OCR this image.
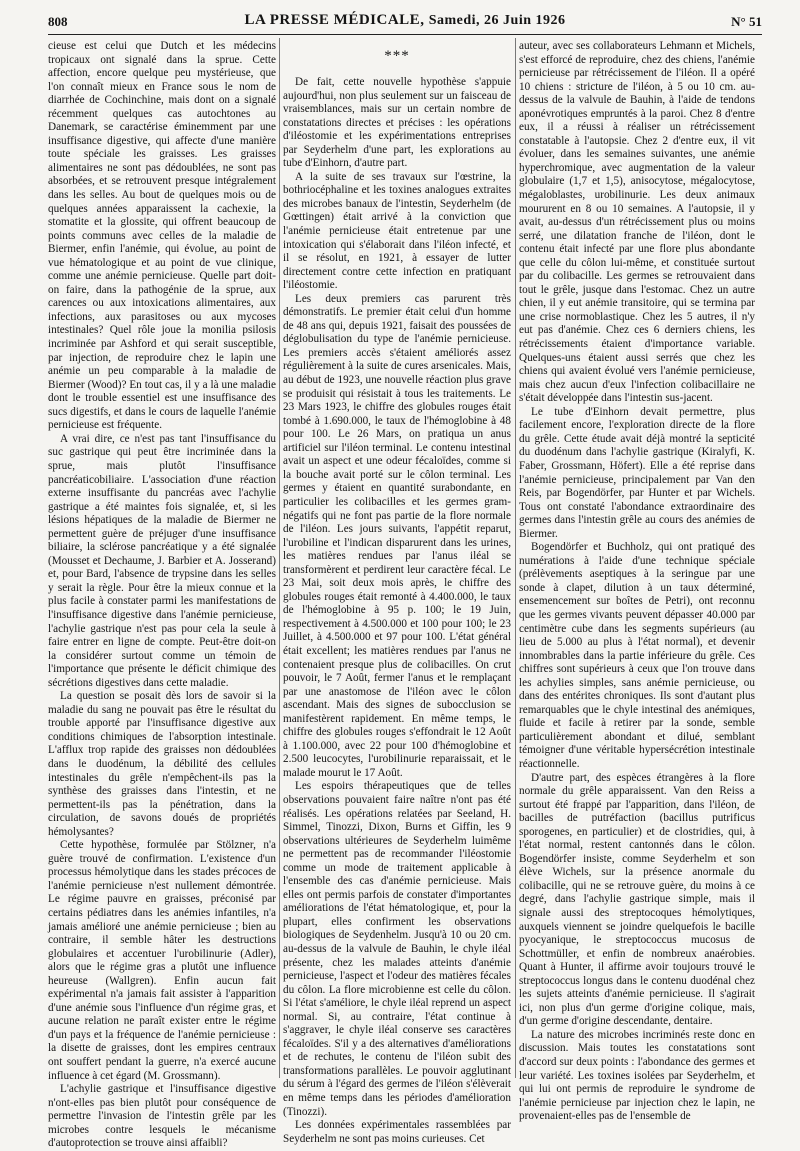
808	LA PRESSE MÉDICALE, Samedi, 26 Juin 1926	N° 51

cieuse est celui que Dutch et les médecins tropicaux ont signalé dans la sprue. Cette affection, encore quelque peu mystérieuse, que l'on connaît mieux en France sous le nom de diarrhée de Cochinchine, mais dont on a signalé récemment quelques cas autochtones au Danemark, se caractérise éminemment par une insuffisance digestive, qui affecte d'une manière toute spéciale les graisses. Les graisses alimentaires ne sont pas dédoublées, ne sont pas absorbées, et se retrouvent presque intégralement dans les selles. Au bout de quelques mois ou de quelques années apparaissent la cachexie, la stomatite et la glossite, qui offrent beaucoup de points communs avec celles de la maladie de Biermer, enfin l'anémie, qui évolue, au point de vue hématologique et au point de vue clinique, comme une anémie pernicieuse. Quelle part doit-on faire, dans la pathogénie de la sprue, aux carences ou aux intoxications alimentaires, aux infections, aux parasitoses ou aux mycoses intestinales? Quel rôle joue la monilia psilosis incriminée par Ashford et qui serait susceptible, par injection, de reproduire chez le lapin une anémie un peu comparable à la maladie de Biermer (Wood)? En tout cas, il y a là une maladie dont le trouble essentiel est une insuffisance des sucs digestifs, et dans le cours de laquelle l'anémie pernicieuse est fréquente.

A vrai dire, ce n'est pas tant l'insuffisance du suc gastrique qui peut être incriminée dans la sprue, mais plutôt l'insuffisance pancréaticobiliaire. L'association d'une réaction externe insuffisante du pancréas avec l'achylie gastrique a été maintes fois signalée, et, si les lésions hépatiques de la maladie de Biermer ne permettent guère de préjuger d'une insuffisance biliaire, la sclérose pancréatique y a été signalée (Mousset et Dechaume, J. Barbier et A. Josserand) et, pour Bard, l'absence de trypsine dans les selles y serait la règle. Pour être la mieux connue et la plus facile à constater parmi les manifestations de l'insuffisance digestive dans l'anémie pernicieuse, l'achylie gastrique n'est pas pour cela la seule à faire entrer en ligne de compte. Peut-être doit-on la considérer surtout comme un témoin de l'importance que présente le déficit chimique des sécrétions digestives dans cette maladie.

La question se posait dès lors de savoir si la maladie du sang ne pouvait pas être le résultat du trouble apporté par l'insuffisance digestive aux conditions chimiques de l'absorption intestinale. L'afflux trop rapide des graisses non dédoublées dans le duodénum, la débilité des cellules intestinales du grêle n'empêchent-ils pas la synthèse des graisses dans l'intestin, et ne permettent-ils pas la pénétration, dans la circulation, de savons doués de propriétés hémolysantes?

Cette hypothèse, formulée par Stölzner, n'a guère trouvé de confirmation. L'existence d'un processus hémolytique dans les stades précoces de l'anémie pernicieuse n'est nullement démontrée. Le régime pauvre en graisses, préconisé par certains pédiatres dans les anémies infantiles, n'a jamais amélioré une anémie pernicieuse ; bien au contraire, il semble hâter les destructions globulaires et accentuer l'urobilinurie (Adler), alors que le régime gras a plutôt une influence heureuse (Wallgren). Enfin aucun fait expérimental n'a jamais fait assister à l'apparition d'une anémie sous l'influence d'un régime gras, et aucune relation ne paraît exister entre le régime d'un pays et la fréquence de l'anémie pernicieuse : la disette de graisses, dont les empires centraux ont souffert pendant la guerre, n'a exercé aucune influence à cet égard (M. Grossmann).

L'achylie gastrique et l'insuffisance digestive n'ont-elles pas bien plutôt pour conséquence de permettre l'invasion de l'intestin grêle par les microbes contre lesquels le mécanisme d'autoprotection se trouve ainsi affaibli?

***

De fait, cette nouvelle hypothèse s'appuie aujourd'hui, non plus seulement sur un faisceau de vraisemblances, mais sur un certain nombre de constatations directes et précises : les opérations d'iléostomie et les expérimentations entreprises par Seyderhelm d'une part, les explorations au tube d'Einhorn, d'autre part.

A la suite de ses travaux sur l'œstrine, la bothriocéphaline et les toxines analogues extraites des microbes banaux de l'intestin, Seyderhelm (de Gœttingen) était arrivé à la conviction que l'anémie pernicieuse était entretenue par une intoxication qui s'élaborait dans l'iléon infecté, et il se résolut, en 1921, à essayer de lutter directement contre cette infection en pratiquant l'iléostomie.

Les deux premiers cas parurent très démonstratifs. Le premier était celui d'un homme de 48 ans qui, depuis 1921, faisait des poussées de déglobulisation du type de l'anémie pernicieuse. Les premiers accès s'étaient améliorés assez régulièrement à la suite de cures arsenicales. Mais, au début de 1923, une nouvelle réaction plus grave se produisit qui résistait à tous les traitements. Le 23 Mars 1923, le chiffre des globules rouges était tombé à 1.690.000, le taux de l'hémoglobine à 48 pour 100. Le 26 Mars, on pratiqua un anus artificiel sur l'iléon terminal. Le contenu intestinal avait un aspect et une odeur fécaloïdes, comme si la bouche avait porté sur le côlon terminal. Les germes y étaient en quantité surabondante, en particulier les colibacilles et les germes gram-négatifs qui ne font pas partie de la flore normale de l'iléon. Les jours suivants, l'appétit reparut, l'urobiline et l'indican disparurent dans les urines, les matières rendues par l'anus iléal se transformèrent et perdirent leur caractère fécal. Le 23 Mai, soit deux mois après, le chiffre des globules rouges était remonté à 4.400.000, le taux de l'hémoglobine à 95 p. 100; le 19 Juin, respectivement à 4.500.000 et 100 pour 100; le 23 Juillet, à 4.500.000 et 97 pour 100. L'état général était excellent; les matières rendues par l'anus ne contenaient presque plus de colibacilles. On crut pouvoir, le 7 Août, fermer l'anus et le remplaçant par une anastomose de l'iléon avec le côlon ascendant. Mais des signes de subocclusion se manifestèrent rapidement. En même temps, le chiffre des globules rouges s'effondrait le 12 Août à 1.100.000, avec 22 pour 100 d'hémoglobine et 2.500 leucocytes, l'urobilinurie reparaissait, et le malade mourut le 17 Août.

Les espoirs thérapeutiques que de telles observations pouvaient faire naître n'ont pas été réalisés. Les opérations relatées par Seeland, H. Simmel, Tinozzi, Dixon, Burns et Giffin, les 9 observations ultérieures de Seyderhelm luimême ne permettent pas de recommander l'iléostomie comme un mode de traitement applicable à l'ensemble des cas d'anémie pernicieuse. Mais elles ont permis parfois de constater d'importantes améliorations de l'état hématologique, et, pour la plupart, elles confirment les observations biologiques de Seydenhelm. Jusqu'à 10 ou 20 cm. au-dessus de la valvule de Bauhin, le chyle iléal présente, chez les malades atteints d'anémie pernicieuse, l'aspect et l'odeur des matières fécales du côlon. La flore microbienne est celle du côlon. Si l'état s'améliore, le chyle iléal reprend un aspect normal. Si, au contraire, l'état continue à s'aggraver, le chyle iléal conserve ses caractères fécaloïdes. S'il y a des alternatives d'améliorations et de rechutes, le contenu de l'iléon subit des transformations parallèles. Le pouvoir agglutinant du sérum à l'égard des germes de l'iléon s'élèverait en même temps dans les périodes d'amélioration (Tinozzi).

Les données expérimentales rassemblées par Seyderhelm ne sont pas moins curieuses. Cet

auteur, avec ses collaborateurs Lehmann et Michels, s'est efforcé de reproduire, chez des chiens, l'anémie pernicieuse par rétrécissement de l'iléon. Il a opéré 10 chiens : stricture de l'iléon, à 5 ou 10 cm. au-dessus de la valvule de Bauhin, à l'aide de tendons aponévrotiques empruntés à la paroi. Chez 8 d'entre eux, il a réussi à réaliser un rétrécissement constatable à l'autopsie. Chez 2 d'entre eux, il vit évoluer, dans les semaines suivantes, une anémie hyperchromique, avec augmentation de la valeur globulaire (1,7 et 1,5), anisocytose, mégalocytose, mégaloblastes, urobilinurie. Les deux animaux moururent en 8 ou 10 semaines. A l'autopsie, il y avait, au-dessus d'un rétrécissement plus ou moins serré, une dilatation franche de l'iléon, dont le contenu était infecté par une flore plus abondante que celle du côlon lui-même, et constituée surtout par du colibacille. Les germes se retrouvaient dans tout le grêle, jusque dans l'estomac. Chez un autre chien, il y eut anémie transitoire, qui se termina par une crise normoblastique. Chez les 5 autres, il n'y eut pas d'anémie. Chez ces 6 derniers chiens, les rétrécissements étaient d'importance variable. Quelques-uns étaient aussi serrés que chez les chiens qui avaient évolué vers l'anémie pernicieuse, mais chez aucun d'eux l'infection colibacillaire ne s'était développée dans l'intestin sus-jacent.

Le tube d'Einhorn devait permettre, plus facilement encore, l'exploration directe de la flore du grêle. Cette étude avait déjà montré la septicité du duodénum dans l'achylie gastrique (Kiralyfi, K. Faber, Grossmann, Höfert). Elle a été reprise dans l'anémie pernicieuse, principalement par Van den Reis, par Bogendörfer, par Hunter et par Wichels. Tous ont constaté l'abondance extraordinaire des germes dans l'intestin grêle au cours des anémies de Biermer.

Bogendörfer et Buchholz, qui ont pratiqué des numérations à l'aide d'une technique spéciale (prélèvements aseptiques à la seringue par une sonde à clapet, dilution à un taux déterminé, ensemencement sur boîtes de Petri), ont reconnu que les germes vivants peuvent dépasser 40.000 par centimètre cube dans les segments supérieurs (au lieu de 5.000 au plus à l'état normal), et devenir innombrables dans la partie inférieure du grêle. Ces chiffres sont supérieurs à ceux que l'on trouve dans les achylies simples, sans anémie pernicieuse, ou dans des entérites chroniques. Ils sont d'autant plus remarquables que le chyle intestinal des anémiques, fluide et facile à retirer par la sonde, semble particulièrement abondant et dilué, semblant témoigner d'une véritable hypersécrétion intestinale réactionnelle.

D'autre part, des espèces étrangères à la flore normale du grêle apparaissent. Van den Reiss a surtout été frappé par l'apparition, dans l'iléon, de bacilles de putréfaction (bacillus putrificus sporogenes, en particulier) et de clostridies, qui, à l'état normal, restent cantonnés dans le côlon. Bogendörfer insiste, comme Seyderhelm et son élève Wichels, sur la présence anormale du colibacille, qui ne se retrouve guère, du moins à ce degré, dans l'achylie gastrique simple, mais il signale aussi des streptocoques hémolytiques, auxquels viennent se joindre quelquefois le bacille pyocyanique, le streptococcus mucosus de Schottmüller, et enfin de nombreux anaérobies. Quant à Hunter, il affirme avoir toujours trouvé le streptococcus longus dans le contenu duodénal chez les sujets atteints d'anémie pernicieuse. Il s'agirait ici, non plus d'un germe d'origine colique, mais, d'un germe d'origine descendante, dentaire.

La nature des microbes incriminés reste donc en discussion. Mais toutes les constatations sont d'accord sur deux points : l'abondance des germes et leur variété. Les toxines isolées par Seyderhelm, et qui lui ont permis de reproduire le syndrome de l'anémie pernicieuse par injection chez le lapin, ne provenaient-elles pas de l'ensemble de
